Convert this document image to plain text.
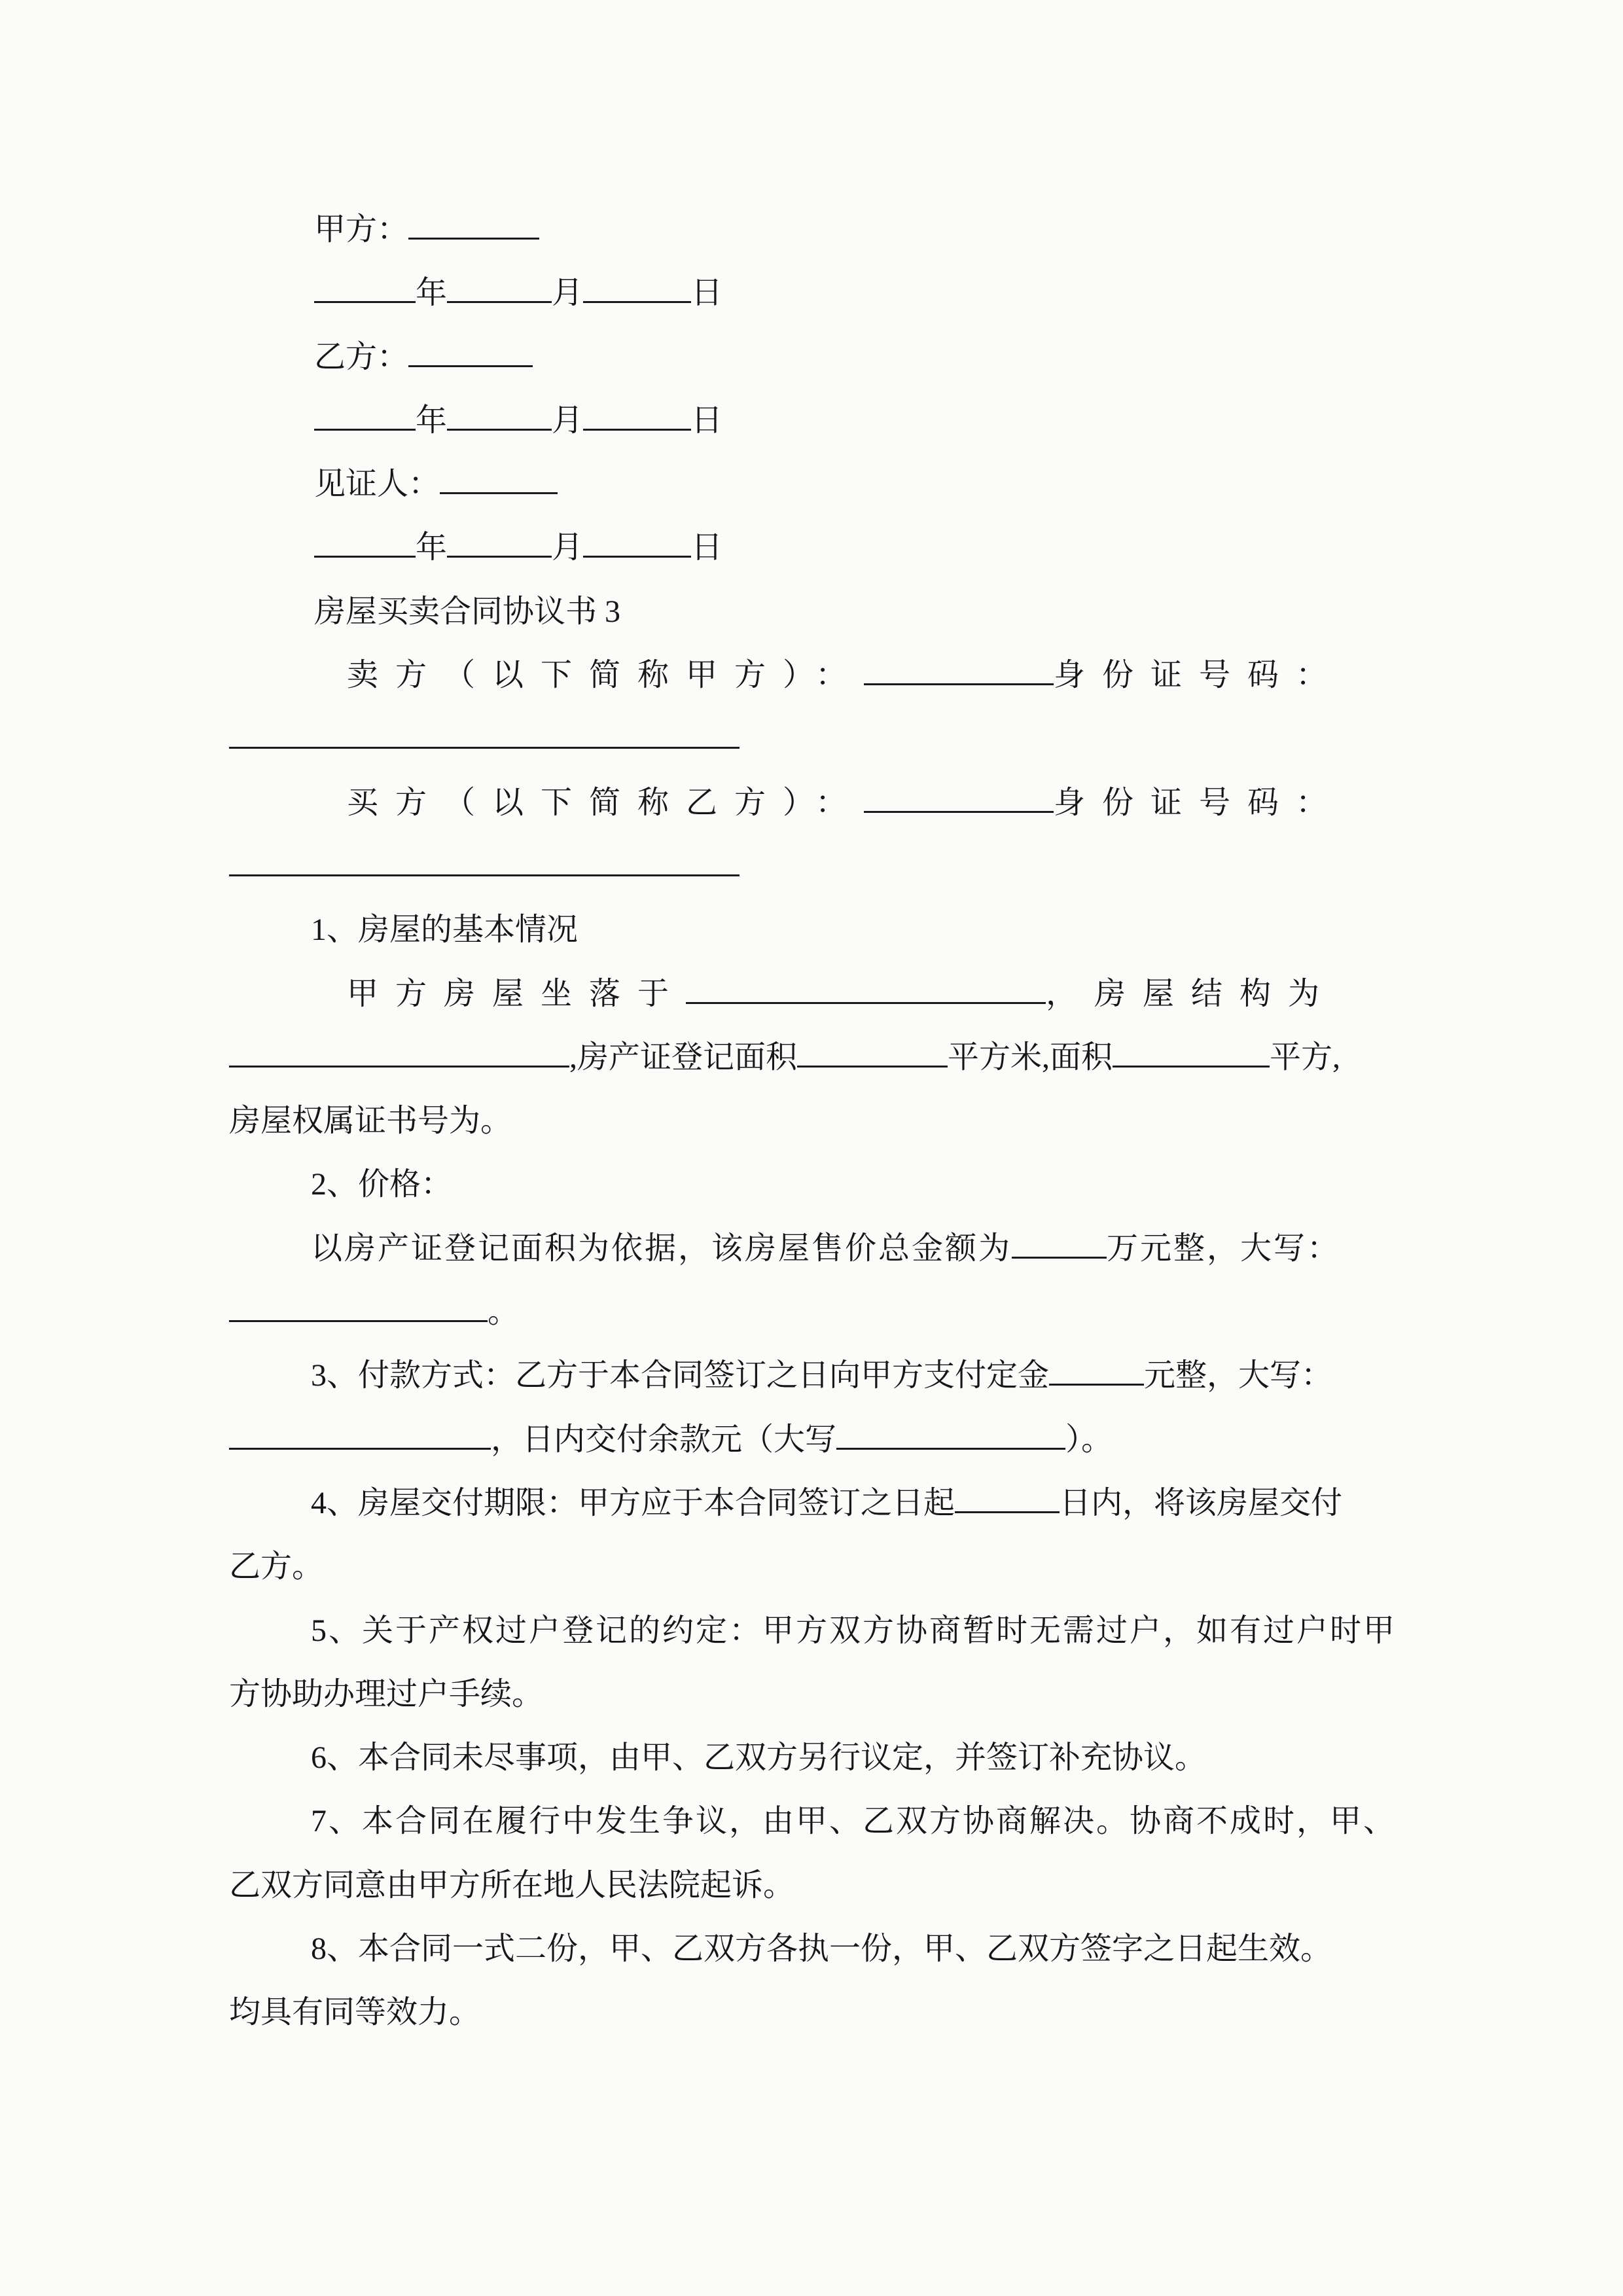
甲方：
年	月	日
乙方：
年	月	日
见证人：
年	月	日
房屋买卖合同协议书 3
卖方（以下简称甲方）：	身份证号码：
买方（以下简称乙方）：	身份证号码：
1、房屋的基本情况
甲方房屋坐落于	，房屋结构为
,房产证登记面积	平方米,面积	平方,
房屋权属证书号为。
2、价格：
以房产证登记面积为依据，该房屋售价总金额为	万元整，大写：
。
3、付款方式：乙方于本合同签订之日向甲方支付定金	元整，大写：
，日内交付余款元（大写	）。
4、房屋交付期限：甲方应于本合同签订之日起	日内，将该房屋交付
乙方。
5、关于产权过户登记的约定：甲方双方协商暂时无需过户，如有过户时甲
方协助办理过户手续。
6、本合同未尽事项，由甲、乙双方另行议定，并签订补充协议。
7、本合同在履行中发生争议，由甲、乙双方协商解决。协商不成时，甲、
乙双方同意由甲方所在地人民法院起诉。
8、本合同一式二份，甲、乙双方各执一份，甲、乙双方签字之日起生效。
均具有同等效力。
